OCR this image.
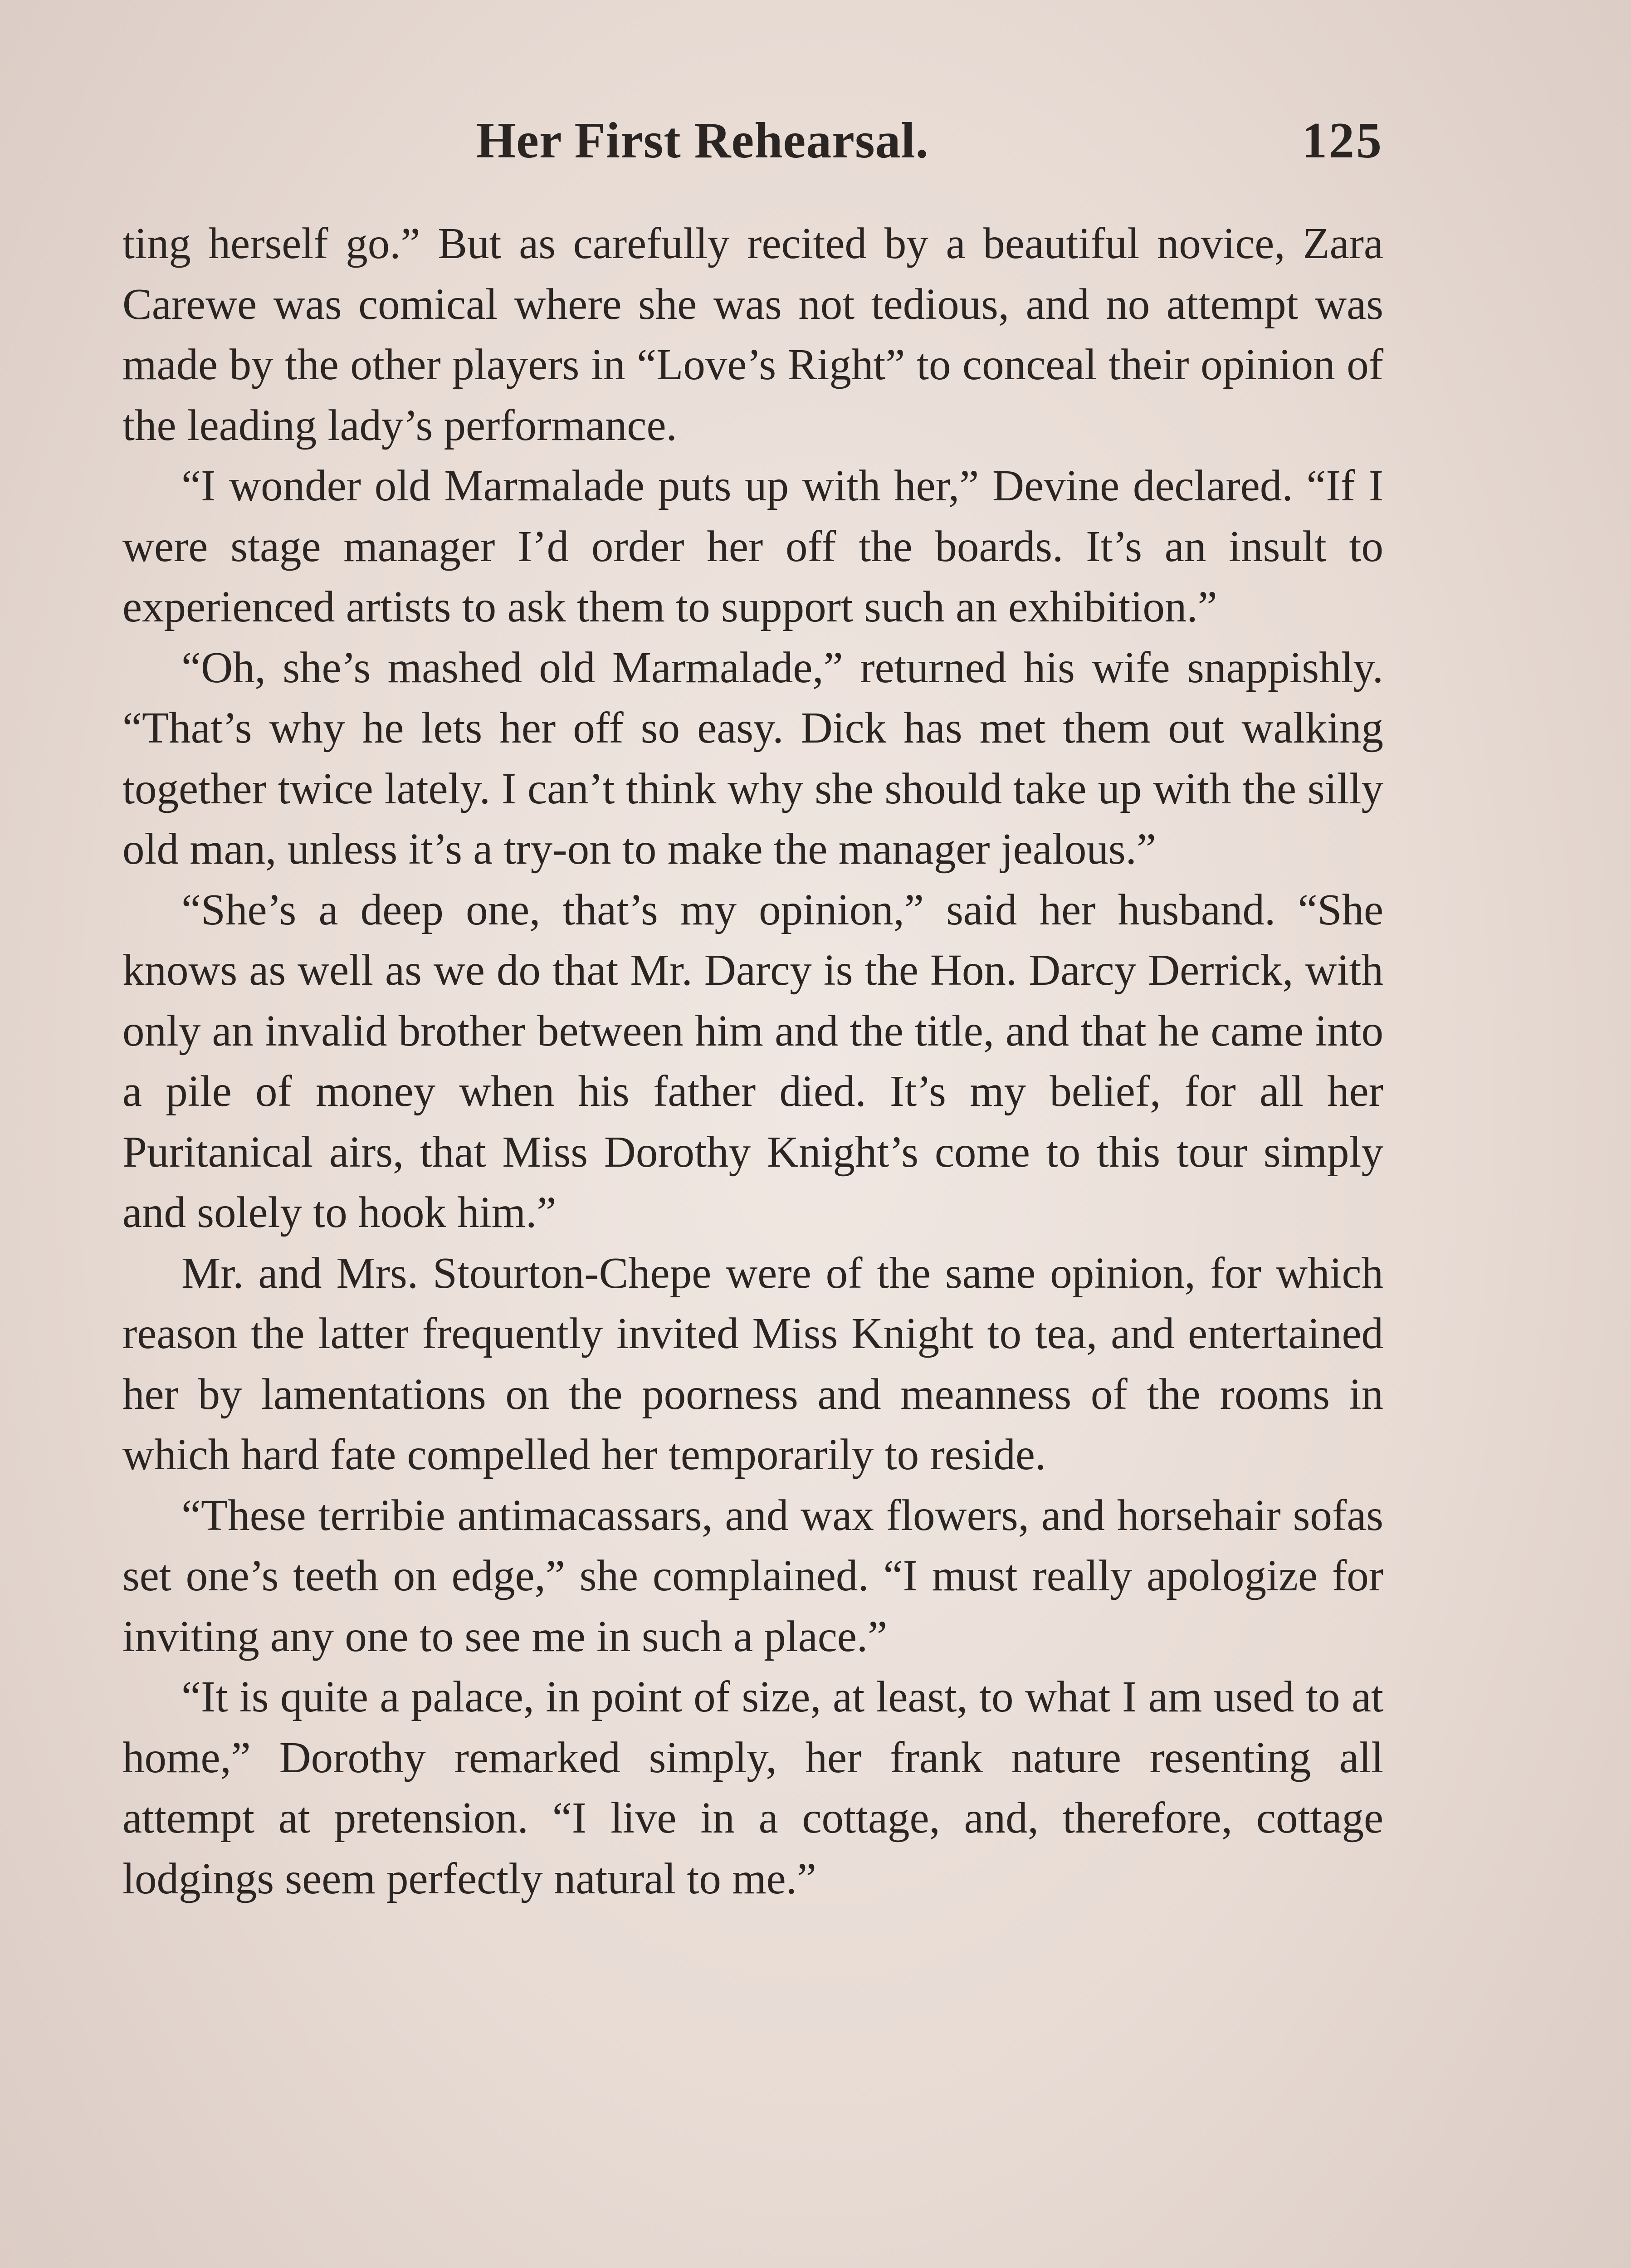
Her First Rehearsal.	125

ting herself go.” But as carefully recited by a beautiful novice, Zara Carewe was comical where she was not tedious, and no attempt was made by the other players in “Love’s Right” to conceal their opinion of the leading lady’s performance.

“I wonder old Marmalade puts up with her,” Devine declared. “If I were stage manager I’d order her off the boards. It’s an insult to experienced artists to ask them to support such an exhibition.”

“Oh, she’s mashed old Marmalade,” returned his wife snappishly. “That’s why he lets her off so easy. Dick has met them out walking together twice lately. I can’t think why she should take up with the silly old man, unless it’s a try-on to make the manager jealous.”

“She’s a deep one, that’s my opinion,” said her husband. “She knows as well as we do that Mr. Darcy is the Hon. Darcy Derrick, with only an invalid brother between him and the title, and that he came into a pile of money when his father died. It’s my belief, for all her Puritanical airs, that Miss Dorothy Knight’s come to this tour simply and solely to hook him.”

Mr. and Mrs. Stourton-Chepe were of the same opinion, for which reason the latter frequently invited Miss Knight to tea, and entertained her by lamentations on the poorness and meanness of the rooms in which hard fate compelled her temporarily to reside.

“These terribie antimacassars, and wax flowers, and horsehair sofas set one’s teeth on edge,” she complained. “I must really apologize for inviting any one to see me in such a place.”

“It is quite a palace, in point of size, at least, to what I am used to at home,” Dorothy remarked simply, her frank nature resenting all attempt at pretension. “I live in a cottage, and, therefore, cottage lodgings seem perfectly natural to me.”
